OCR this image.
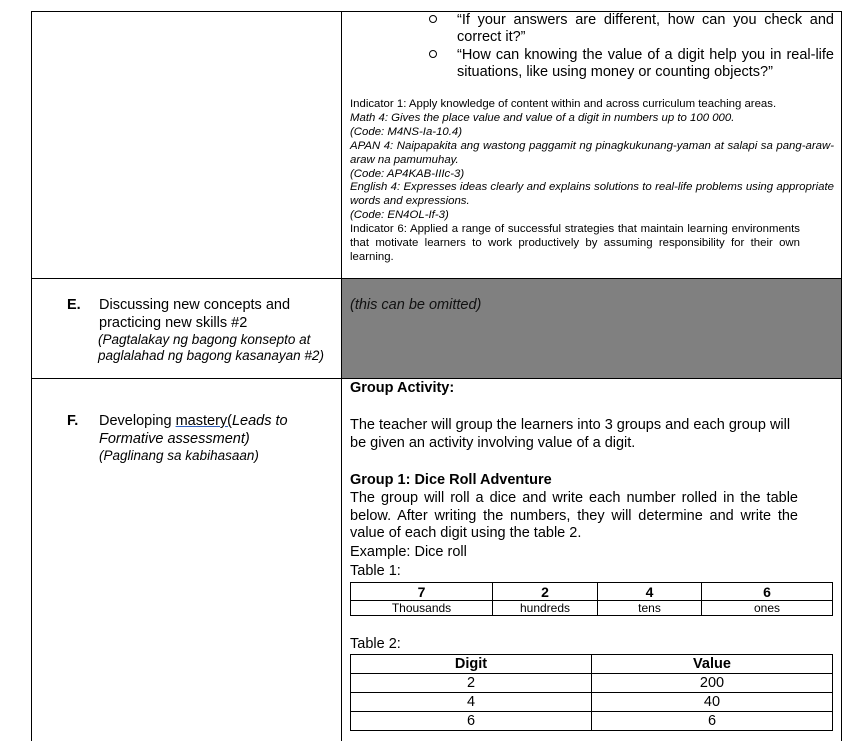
“If your answers are different, how can you check and correct it?”
“How can knowing the value of a digit help you in real-life situations, like using money or counting objects?”
Indicator 1: Apply knowledge of content within and across curriculum teaching areas.
Math 4: Gives the place value and value of a digit in numbers up to 100 000.
(Code: M4NS-Ia-10.4)
APAN 4: Naipapakita ang wastong paggamit ng pinagkukunang-yaman at salapi sa pang-araw-araw na pamumuhay.
(Code: AP4KAB-IIIc-3)
English 4: Expresses ideas clearly and explains solutions to real-life problems using appropriate words and expressions.
(Code: EN4OL-If-3)
Indicator 6: Applied a range of successful strategies that maintain learning environments that motivate learners to work productively by assuming responsibility for their own learning.
E. Discussing new concepts and practicing new skills #2
(Pagtalakay ng bagong konsepto at paglalahad ng bagong kasanayan #2)
(this can be omitted)
F. Developing mastery(Leads to Formative assessment)
(Paglinang sa kabihasaan)
Group Activity:
The teacher will group the learners into 3 groups and each group will be given an activity involving value of a digit.
Group 1: Dice Roll Adventure
The group will roll a dice and write each number rolled in the table below. After writing the numbers, they will determine and write the value of each digit using the table 2.
Example: Dice roll
Table 1:
7	2	4	6
Thousands	hundreds	tens	ones
Table 2:
Digit	Value
2	200
4	40
6	6
